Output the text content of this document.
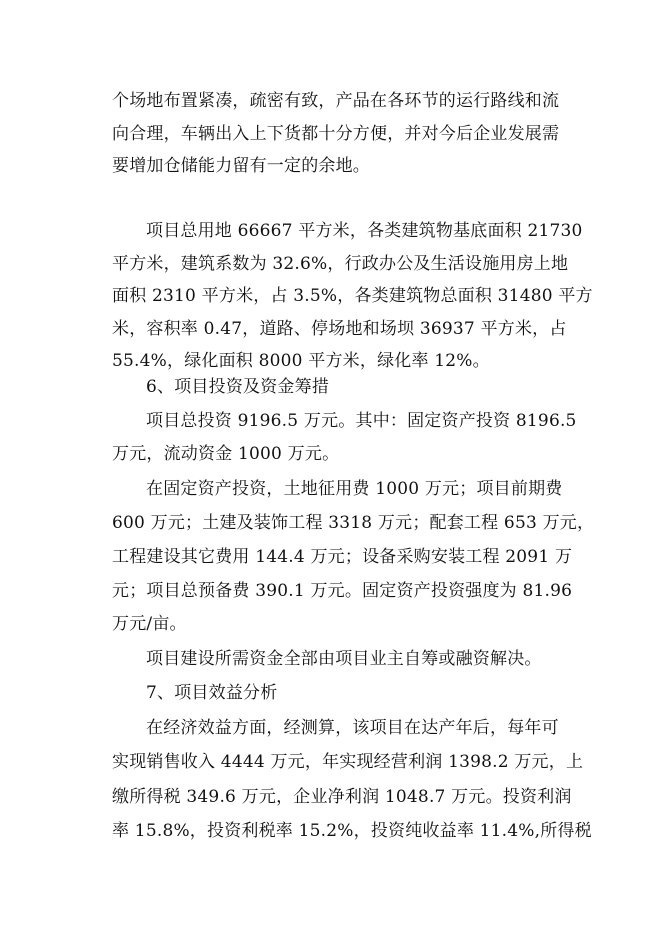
个场地布置紧凑，疏密有致，产品在各环节的运行路线和流
向合理，车辆出入上下货都十分方便，并对今后企业发展需
要增加仓储能力留有一定的余地。
项目总用地 66667 平方米，各类建筑物基底面积 21730
平方米，建筑系数为 32.6%，行政办公及生活设施用房上地
面积 2310 平方米，占 3.5%，各类建筑物总面积 31480 平方
米，容积率 0.47，道路、停场地和场坝 36937 平方米，占
55.4%，绿化面积 8000 平方米，绿化率 12%。
6、项目投资及资金筹措
项目总投资 9196.5 万元。其中：固定资产投资 8196.5
万元，流动资金 1000 万元。
在固定资产投资，土地征用费 1000 万元；项目前期费
600 万元；土建及装饰工程 3318 万元；配套工程 653 万元，
工程建设其它费用 144.4 万元；设备采购安装工程 2091 万
元；项目总预备费 390.1 万元。固定资产投资强度为 81.96
万元/亩。
项目建设所需资金全部由项目业主自筹或融资解决。
7、项目效益分析
在经济效益方面，经测算，该项目在达产年后，每年可
实现销售收入 4444 万元，年实现经营利润 1398.2 万元，上
缴所得税 349.6 万元，企业净利润 1048.7 万元。投资利润
率 15.8%，投资利税率 15.2%，投资纯收益率 11.4%,所得税
